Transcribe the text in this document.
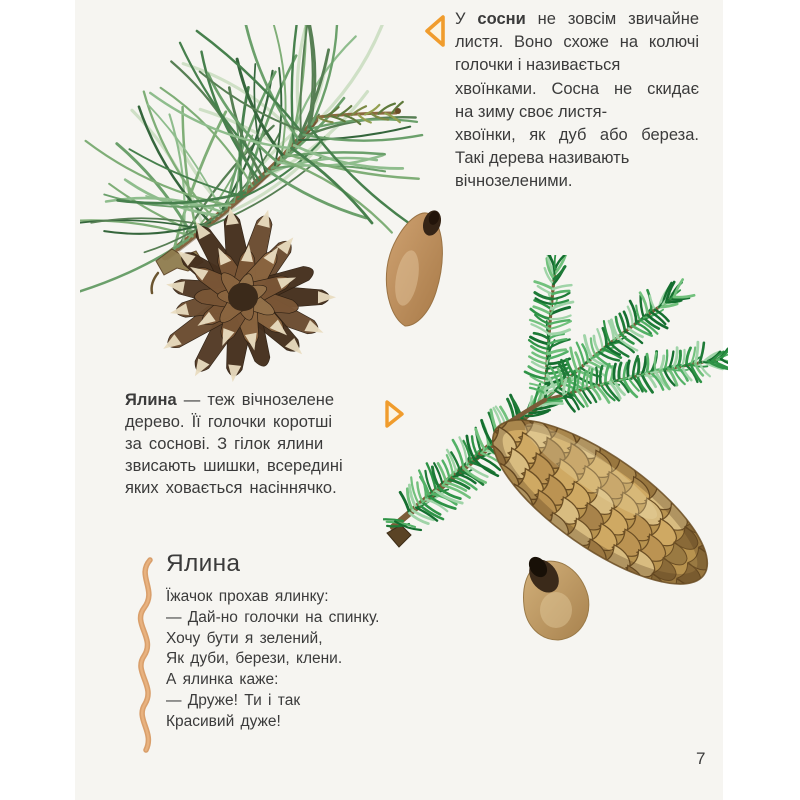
У сосни не зовсім звичайне
листя. Воно схоже на колючі
голочки і називається
хвоїнками. Сосна не скидає
на зиму своє листя-
хвоїнки, як дуб або береза.
Такі дерева називають
вічнозеленими.
Ялина — теж вічнозелене
дерево. Її голочки коротші
за соснові. З гілок ялини
звисають шишки, всередині
яких ховається насіннячко.
Ялина
Їжачок прохав ялинку:
— Дай-но голочки на спинку.
Хочу бути я зелений,
Як дуби, берези, клени.
А ялинка каже:
— Друже! Ти і так
Красивий дуже!
7
